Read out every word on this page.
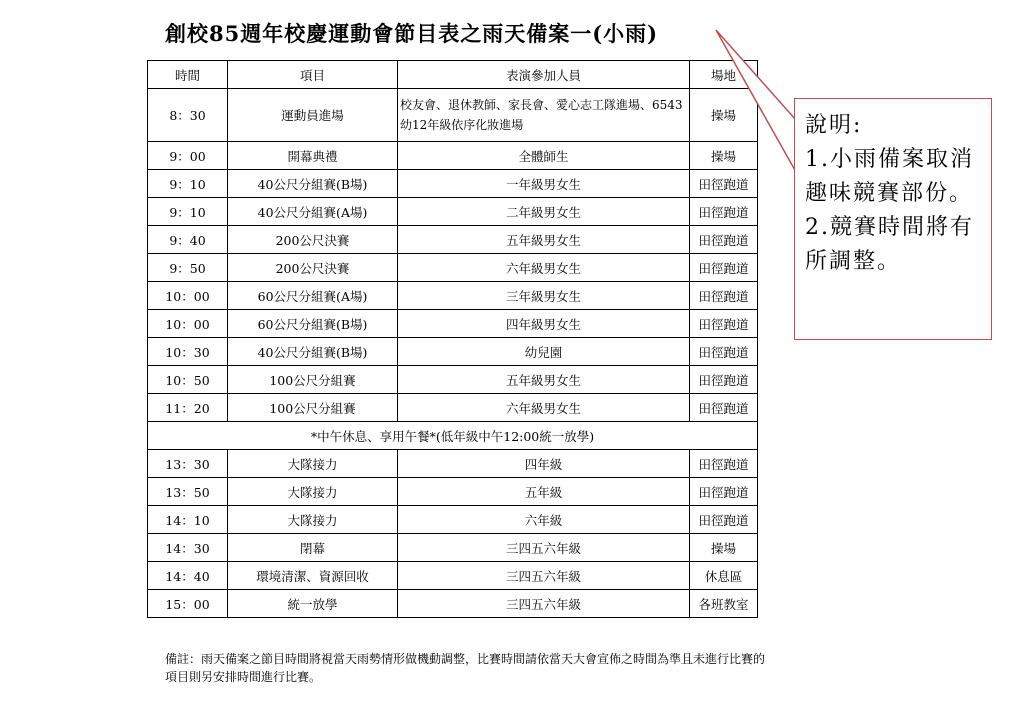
創校85週年校慶運動會節目表之雨天備案一(小雨)
時間	項目	表演參加人員	場地
8：30	運動員進場	校友會、退休教師、家長會、愛心志工隊進場、6543幼12年級依序化妝進場	操場
9：00	開幕典禮	全體師生	操場
9：10	40公尺分組賽(B場)	一年級男女生	田徑跑道
9：10	40公尺分組賽(A場)	二年級男女生	田徑跑道
9：40	200公尺決賽	五年級男女生	田徑跑道
9：50	200公尺決賽	六年級男女生	田徑跑道
10：00	60公尺分組賽(A場)	三年級男女生	田徑跑道
10：00	60公尺分組賽(B場)	四年級男女生	田徑跑道
10：30	40公尺分組賽(B場)	幼兒園	田徑跑道
10：50	100公尺分組賽	五年級男女生	田徑跑道
11：20	100公尺分組賽	六年級男女生	田徑跑道
*中午休息、享用午餐*(低年級中午12:00統一放學)			
13：30	大隊接力	四年級	田徑跑道
13：50	大隊接力	五年級	田徑跑道
14：10	大隊接力	六年級	田徑跑道
14：30	閉幕	三四五六年級	操場
14：40	環境清潔、資源回收	三四五六年級	休息區
15：00	統一放學	三四五六年級	各班教室
備註：雨天備案之節目時間將視當天雨勢情形做機動調整，比賽時間請依當天大會宣佈之時間為準且未進行比賽的項目則另安排時間進行比賽。
說明:
1.小雨備案取消趣味競賽部份。
2.競賽時間將有所調整。
